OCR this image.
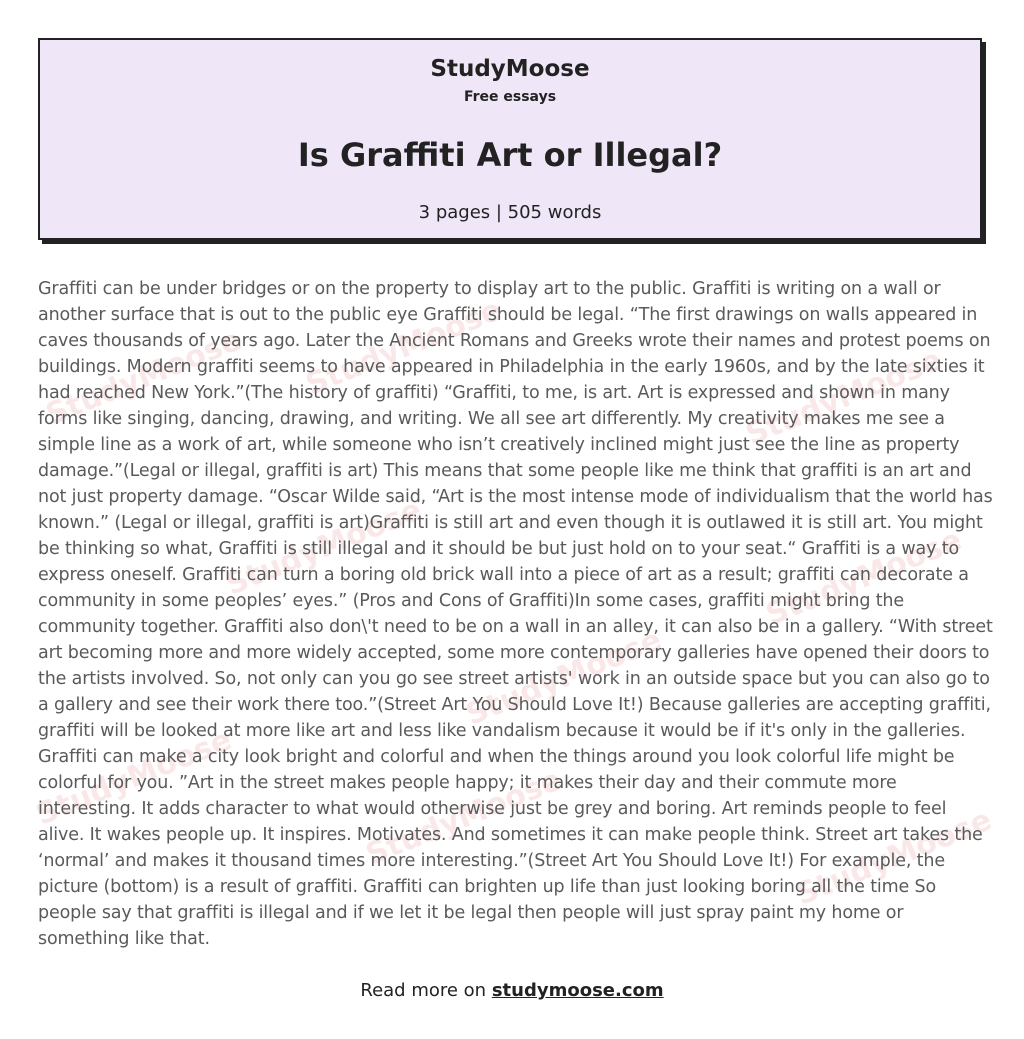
StudyMoose
Free essays
Is Graffiti Art or Illegal?
3 pages | 505 words
StudyMoose StudyMoose	StudyMoose
StudyMoose	StudyMoose
StudyMoose
StudyMoose	StudyMoose	StudyMoose

Graffiti can be under bridges or on the property to display art to the public. Graffiti is writing on a wall or another surface that is out to the public eye Graffiti should be legal. “The first drawings on walls appeared in caves thousands of years ago. Later the Ancient Romans and Greeks wrote their names and protest poems on buildings. Modern graffiti seems to have appeared in Philadelphia in the early 1960s, and by the late sixties it had reached New York.”(The history of graffiti) “Graffiti, to me, is art. Art is expressed and shown in many forms like singing, dancing, drawing, and writing. We all see art differently. My creativity makes me see a simple line as a work of art, while someone who isn’t creatively inclined might just see the line as property damage.”(Legal or illegal, graffiti is art) This means that some people like me think that graffiti is an art and not just property damage. “Oscar Wilde said, “Art is the most intense mode of individualism that the world has known.” (Legal or illegal, graffiti is art)Graffiti is still art and even though it is outlawed it is still art. You might be thinking so what, Graffiti is still illegal and it should be but just hold on to your seat.“ Graffiti is a way to express oneself. Graffiti can turn a boring old brick wall into a piece of art as a result; graffiti can decorate a community in some peoples’ eyes.” (Pros and Cons of Graffiti)In some cases, graffiti might bring the community together. Graffiti also don\'t need to be on a wall in an alley, it can also be in a gallery. “With street art becoming more and more widely accepted, some more contemporary galleries have opened their doors to the artists involved. So, not only can you go see street artists' work in an outside space but you can also go to a gallery and see their work there too.”(Street Art You Should Love It!) Because galleries are accepting graffiti, graffiti will be looked at more like art and less like vandalism because it would be if it's only in the galleries. Graffiti can make a city look bright and colorful and when the things around you look colorful life might be colorful for you. ”Art in the street makes people happy; it makes their day and their commute more interesting. It adds character to what would otherwise just be grey and boring. Art reminds people to feel alive. It wakes people up. It inspires. Motivates. And sometimes it can make people think. Street art takes the ‘normal’ and makes it thousand times more interesting.”(Street Art You Should Love It!) For example, the picture (bottom) is a result of graffiti. Graffiti can brighten up life than just looking boring all the time So people say that graffiti is illegal and if we let it be legal then people will just spray paint my home or something like that.

Read more on studymoose.com
